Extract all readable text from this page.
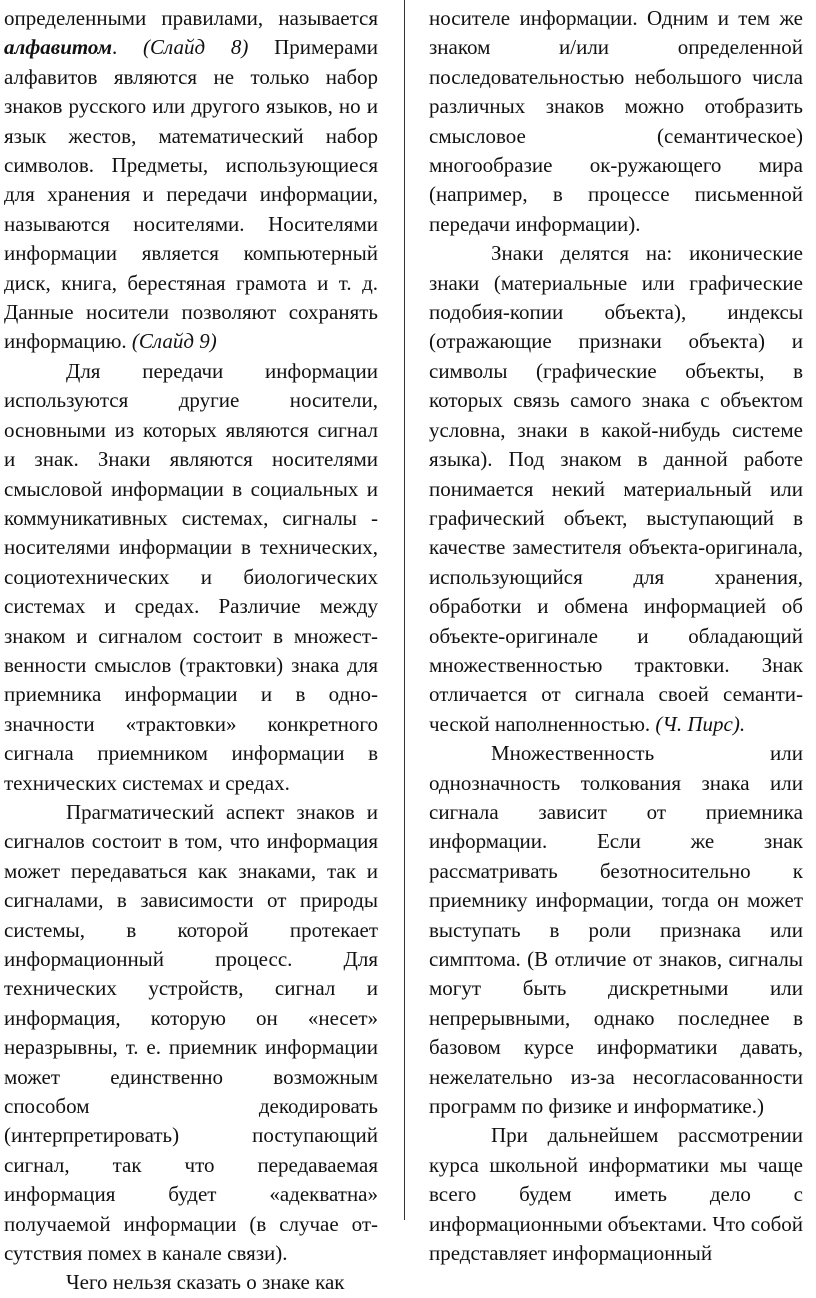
определенными правилами, называется алфавитом. (Слайд 8) Примерами алфавитов являются не только набор знаков русского или другого языков, но и язык жестов, математический набор символов. Предметы, использующиеся для хранения и передачи информации, называются носителями. Носителями информации является компьютерный диск, книга, берестяная грамота и т. д. Данные носители позволяют сохранять информацию. (Слайд 9)

Для передачи информации используются другие носители, основными из которых являются сигнал и знак. Знаки являются носителями смысловой информации в социальных и коммуникативных системах, сигналы - носителями информации в технических, социотехнических и биологических системах и средах. Различие между знаком и сигналом состоит в множест-венности смыслов (трактовки) знака для приемника информации и в одно-значности «трактовки» конкретного сигнала приемником информации в технических системах и средах.

Прагматический аспект знаков и сигналов состоит в том, что информация может передаваться как знаками, так и сигналами, в зависимости от природы системы, в которой протекает информационный процесс. Для технических устройств, сигнал и информация, которую он «несет» неразрывны, т. е. приемник информации может единственно возможным способом декодировать (интерпретировать) поступающий сигнал, так что передаваемая информация будет «адекватна» получаемой информации (в случае от-сутствия помех в канале связи).

Чего нельзя сказать о знаке как

носителе информации. Одним и тем же знаком и/или определенной последовательностью небольшого числа различных знаков можно отобразить смысловое (семантическое) многообразие ок-ружающего мира (например, в процессе письменной передачи информации).

Знаки делятся на: иконические знаки (материальные или графические подобия-копии объекта), индексы (отражающие признаки объекта) и символы (графические объекты, в которых связь самого знака с объектом условна, знаки в какой-нибудь системе языка). Под знаком в данной работе понимается некий материальный или графический объект, выступающий в качестве заместителя объекта-оригинала, использующийся для хранения, обработки и обмена информацией об объекте-оригинале и обладающий множественностью трактовки. Знак отличается от сигнала своей семанти-ческой наполненностью. (Ч. Пирс).

Множественность или однозначность толкования знака или сигнала зависит от приемника информации. Если же знак рассматривать безотносительно к приемнику информации, тогда он может выступать в роли признака или симптома. (В отличие от знаков, сигналы могут быть дискретными или непрерывными, однако последнее в базовом курсе информатики давать, нежелательно из-за несогласованности программ по физике и информатике.)

При дальнейшем рассмотрении курса школьной информатики мы чаще всего будем иметь дело с информационными объектами. Что собой представляет информационный
